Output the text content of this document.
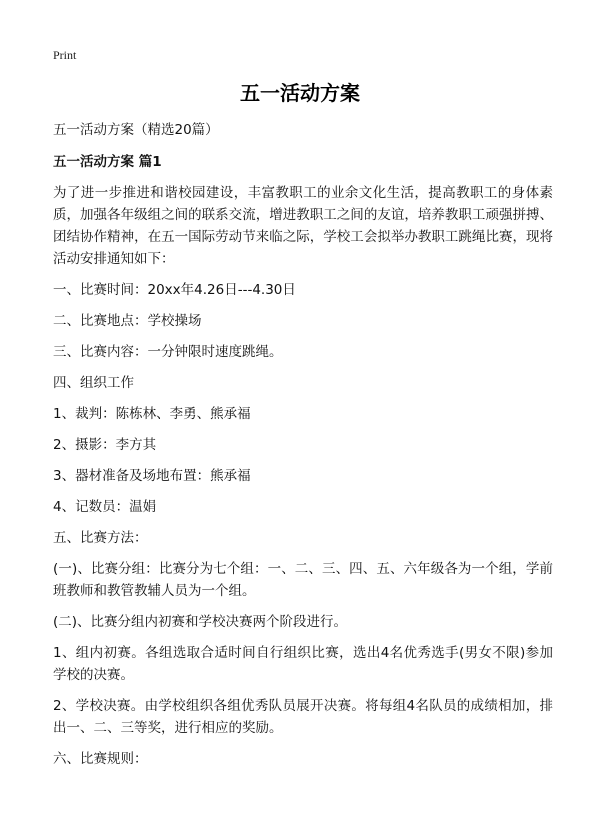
Print
五一活动方案

五一活动方案（精选20篇）

五一活动方案 篇1

为了进一步推进和谐校园建设，丰富教职工的业余文化生活，提高教职工的身体素质，加强各年级组之间的联系交流，增进教职工之间的友谊，培养教职工顽强拼搏、团结协作精神，在五一国际劳动节来临之际，学校工会拟举办教职工跳绳比赛，现将活动安排通知如下：

一、比赛时间：20xx年4.26日---4.30日

二、比赛地点：学校操场

三、比赛内容：一分钟限时速度跳绳。

四、组织工作

1、裁判：陈栋林、李勇、熊承福

2、摄影：李方其

3、器材准备及场地布置：熊承福

4、记数员：温娟

五、比赛方法：

(一)、比赛分组：比赛分为七个组：一、二、三、四、五、六年级各为一个组，学前班教师和教管教辅人员为一个组。

(二)、比赛分组内初赛和学校决赛两个阶段进行。

1、组内初赛。各组选取合适时间自行组织比赛，选出4名优秀选手(男女不限)参加学校的决赛。

2、学校决赛。由学校组织各组优秀队员展开决赛。将每组4名队员的成绩相加，排出一、二、三等奖，进行相应的奖励。

六、比赛规则：
